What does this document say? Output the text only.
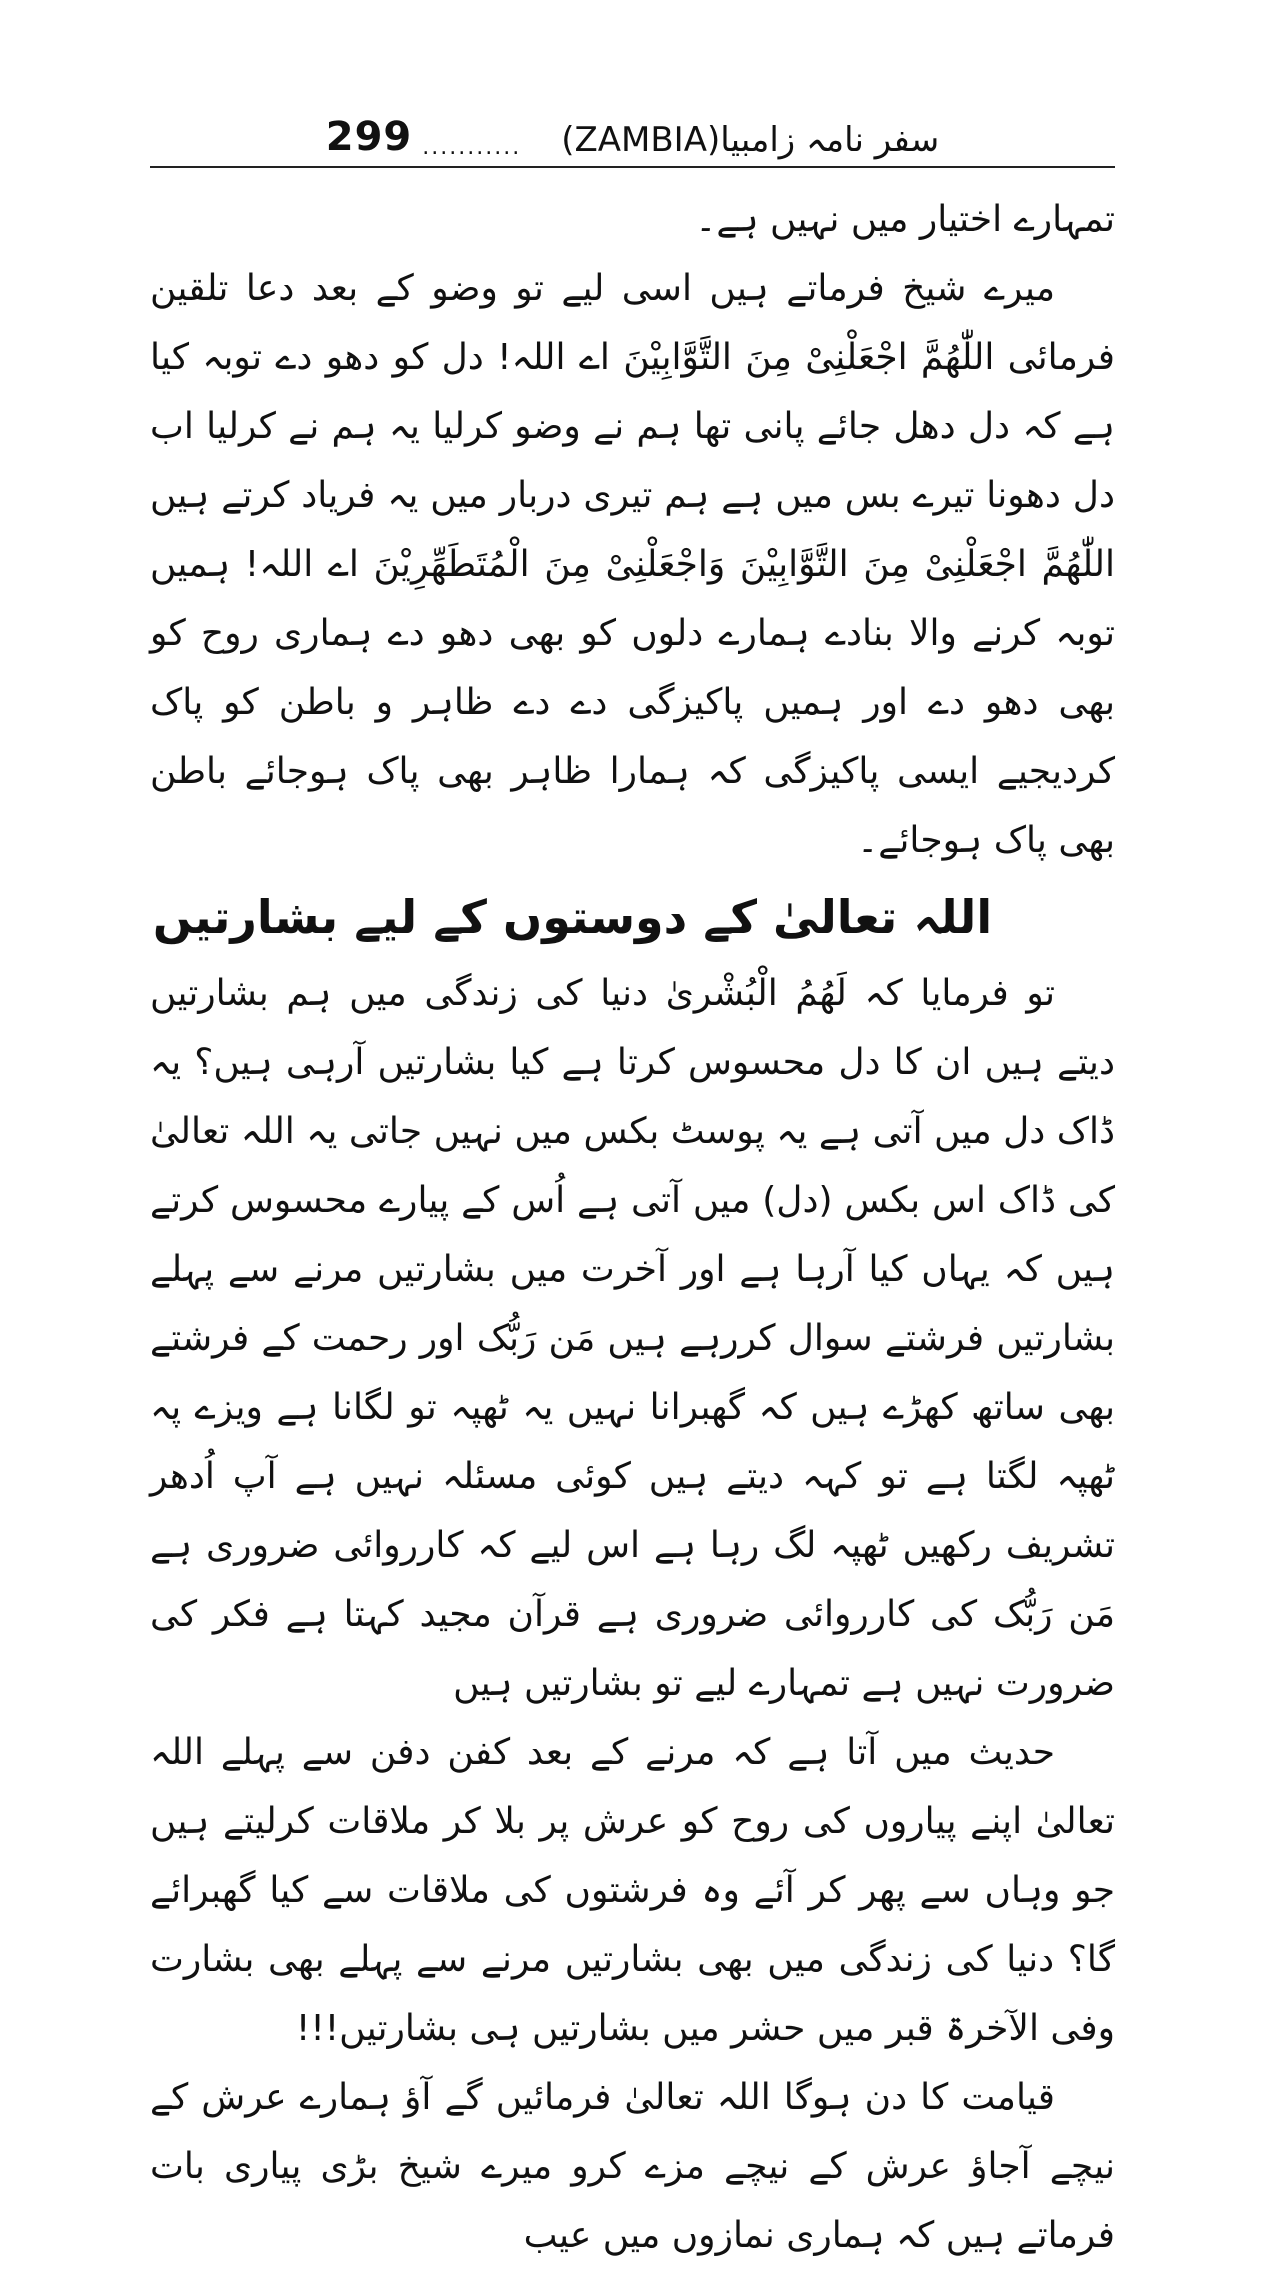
299 ........... سفر نامہ زامبیا(ZAMBIA)

تمہارے اختیار میں نہیں ہے۔

میرے شیخ فرماتے ہیں اسی لیے تو وضو کے بعد دعا تلقین فرمائی اللّٰھُمَّ اجْعَلْنِیْ مِنَ التَّوَّابِیْنَ اے اللہ! دل کو دھو دے توبہ کیا ہے کہ دل دھل جائے پانی تھا ہم نے وضو کرلیا یہ ہم نے کرلیا اب دل دھونا تیرے بس میں ہے ہم تیری دربار میں یہ فریاد کرتے ہیں اللّٰھُمَّ اجْعَلْنِیْ مِنَ التَّوَّابِیْنَ وَاجْعَلْنِیْ مِنَ الْمُتَطَھِّرِیْنَ اے اللہ! ہمیں توبہ کرنے والا بنادے ہمارے دلوں کو بھی دھو دے ہماری روح کو بھی دھو دے اور ہمیں پاکیزگی دے دے ظاہر و باطن کو پاک کردیجیے ایسی پاکیزگی کہ ہمارا ظاہر بھی پاک ہوجائے باطن بھی پاک ہوجائے۔

اللہ تعالیٰ کے دوستوں کے لیے بشارتیں

تو فرمایا کہ لَھُمُ الْبُشْریٰ دنیا کی زندگی میں ہم بشارتیں دیتے ہیں ان کا دل محسوس کرتا ہے کیا بشارتیں آرہی ہیں؟ یہ ڈاک دل میں آتی ہے یہ پوسٹ بکس میں نہیں جاتی یہ اللہ تعالیٰ کی ڈاک اس بکس (دل) میں آتی ہے اُس کے پیارے محسوس کرتے ہیں کہ یہاں کیا آرہا ہے اور آخرت میں بشارتیں مرنے سے پہلے بشارتیں فرشتے سوال کررہے ہیں مَن رَبُّک اور رحمت کے فرشتے بھی ساتھ کھڑے ہیں کہ گھبرانا نہیں یہ ٹھپہ تو لگانا ہے ویزے پہ ٹھپہ لگتا ہے تو کہہ دیتے ہیں کوئی مسئلہ نہیں ہے آپ اُدھر تشریف رکھیں ٹھپہ لگ رہا ہے اس لیے کہ کارروائی ضروری ہے مَن رَبُّک کی کارروائی ضروری ہے قرآن مجید کہتا ہے فکر کی ضرورت نہیں ہے تمہارے لیے تو بشارتیں ہیں

حدیث میں آتا ہے کہ مرنے کے بعد کفن دفن سے پہلے اللہ تعالیٰ اپنے پیاروں کی روح کو عرش پر بلا کر ملاقات کرلیتے ہیں جو وہاں سے پھر کر آئے وہ فرشتوں کی ملاقات سے کیا گھبرائے گا؟ دنیا کی زندگی میں بھی بشارتیں مرنے سے پہلے بھی بشارت وفی الآخرۃ قبر میں حشر میں بشارتیں ہی بشارتیں!!!

قیامت کا دن ہوگا اللہ تعالیٰ فرمائیں گے آؤ ہمارے عرش کے نیچے آجاؤ عرش کے نیچے مزے کرو میرے شیخ بڑی پیاری بات فرماتے ہیں کہ ہماری نمازوں میں عیب
